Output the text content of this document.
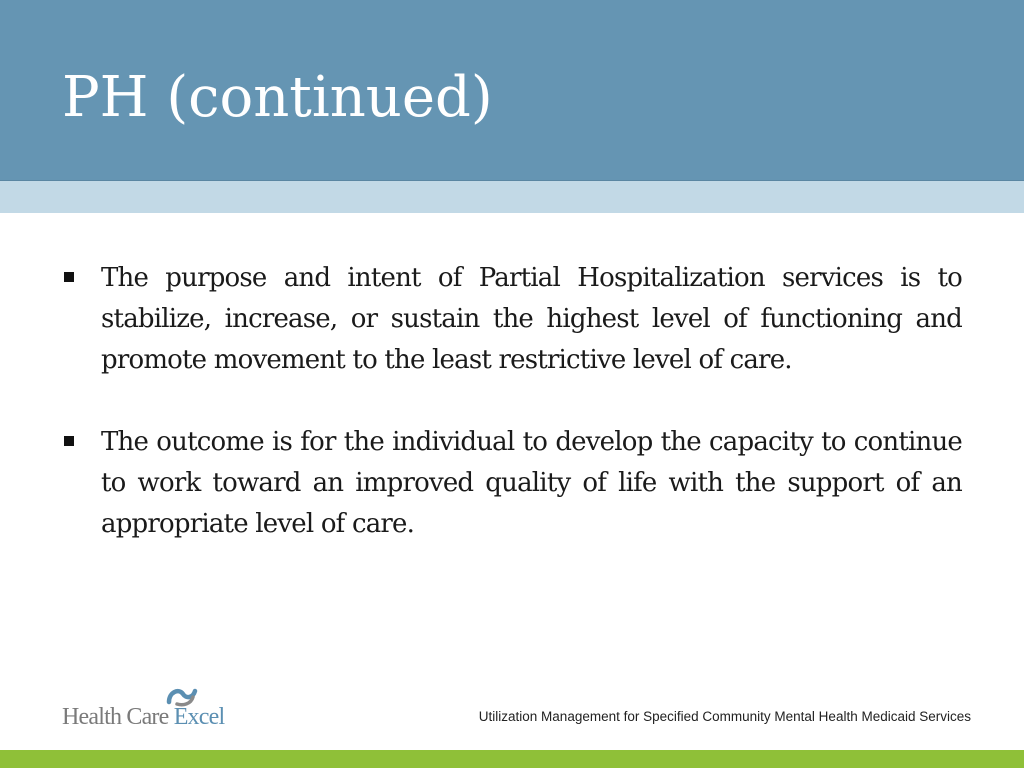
PH (continued)
The purpose and intent of Partial Hospitalization services is to stabilize, increase, or sustain the highest level of functioning and promote movement to the least restrictive level of care.
The outcome is for the individual to develop the capacity to continue to work toward an improved quality of life with the support of an appropriate level of care.
Health Care Excel	Utilization Management for Specified Community Mental Health Medicaid Services
